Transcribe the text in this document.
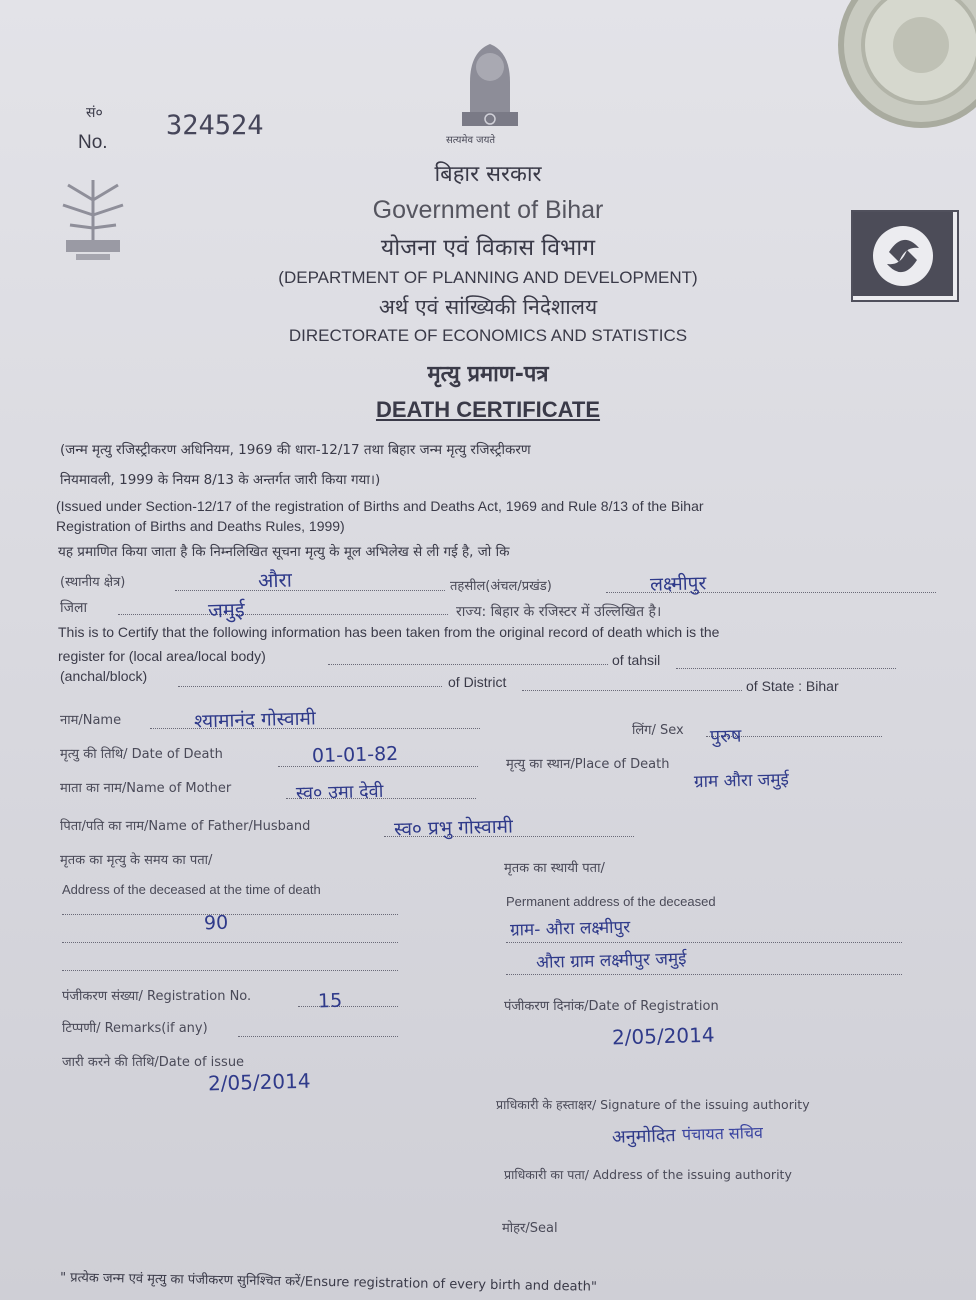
सत्यमेव जयते
सं०
No.
324524
बिहार सरकार
Government of Bihar
योजना एवं विकास विभाग
(DEPARTMENT OF PLANNING AND DEVELOPMENT)
अर्थ एवं सांख्यिकी निदेशालय
DIRECTORATE OF ECONOMICS AND STATISTICS
मृत्यु प्रमाण-पत्र
DEATH CERTIFICATE
(जन्म मृत्यु रजिस्ट्रीकरण अधिनियम, 1969 की धारा-12/17 तथा बिहार जन्म मृत्यु रजिस्ट्रीकरण
नियमावली, 1999 के नियम 8/13 के अन्तर्गत जारी किया गया।)
(Issued under Section-12/17 of the registration of Births and Deaths Act, 1969 and Rule 8/13 of the Bihar
Registration of Births and Deaths Rules, 1999)
यह प्रमाणित किया जाता है कि निम्नलिखित सूचना मृत्यु के मूल अभिलेख से ली गई है, जो कि
(स्थानीय क्षेत्र)	औरा	तहसील(अंचल/प्रखंड)	लक्ष्मीपुर
जिला	जमुई	राज्य: बिहार के रजिस्टर में उल्लिखित है।
This is to Certify that the following information has been taken from the original record of death which is the
register for (local area/local body)	of tahsil
(anchal/block)	of District	of State : Bihar
नाम/Name	श्यामानंद गोस्वामी	लिंग/ Sex पुरुष
मृत्यु की तिथि/ Date of Death	01-01-82	मृत्यु का स्थान/Place of Death
ग्राम औरा जमुई
माता का नाम/Name of Mother	स्व० उमा देवी
पिता/पति का नाम/Name of Father/Husband	स्व० प्रभु गोस्वामी
मृतक का मृत्यु के समय का पता/
Address of the deceased at the time of death
90
मृतक का स्थायी पता/
Permanent address of the deceased
ग्राम- औरा लक्ष्मीपुर
औरा ग्राम लक्ष्मीपुर जमुई
पंजीकरण संख्या/ Registration No.	15	पंजीकरण दिनांक/Date of Registration
2/05/2014
टिप्पणी/ Remarks(if any)
जारी करने की तिथि/Date of issue
2/05/2014
प्राधिकारी के हस्ताक्षर/ Signature of the issuing authority
अनुमोदित पंचायत सचिव
प्राधिकारी का पता/ Address of the issuing authority
मोहर/Seal
" प्रत्येक जन्म एवं मृत्यु का पंजीकरण सुनिश्चित करें/Ensure registration of every birth and death"
